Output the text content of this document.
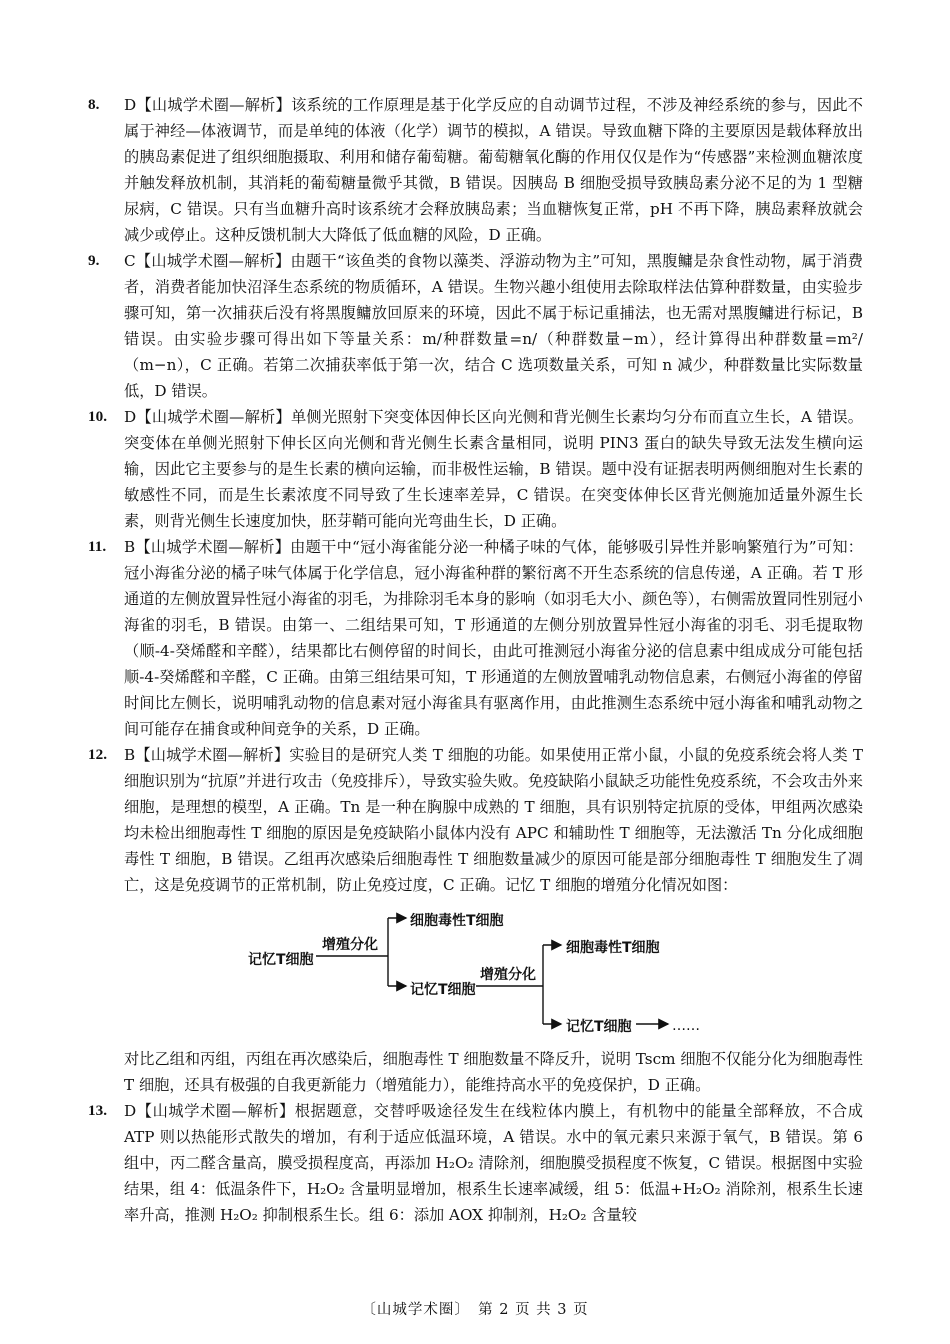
8. D【山城学术圈—解析】该系统的工作原理是基于化学反应的自动调节过程，不涉及神经系统的参与，因此不属于神经—体液调节，而是单纯的体液（化学）调节的模拟，A 错误。导致血糖下降的主要原因是载体释放出的胰岛素促进了组织细胞摄取、利用和储存葡萄糖。葡萄糖氧化酶的作用仅仅是作为“传感器”来检测血糖浓度并触发释放机制，其消耗的葡萄糖量微乎其微，B 错误。因胰岛 B 细胞受损导致胰岛素分泌不足的为 1 型糖尿病，C 错误。只有当血糖升高时该系统才会释放胰岛素；当血糖恢复正常，pH 不再下降，胰岛素释放就会减少或停止。这种反馈机制大大降低了低血糖的风险，D 正确。

9. C【山城学术圈—解析】由题干“该鱼类的食物以藻类、浮游动物为主”可知，黑腹鳙是杂食性动物，属于消费者，消费者能加快沼泽生态系统的物质循环，A 错误。生物兴趣小组使用去除取样法估算种群数量，由实验步骤可知，第一次捕获后没有将黑腹鳙放回原来的环境，因此不属于标记重捕法，也无需对黑腹鳙进行标记，B 错误。由实验步骤可得出如下等量关系：m/种群数量=n/（种群数量−m），经计算得出种群数量=m²/（m−n），C 正确。若第二次捕获率低于第一次，结合 C 选项数量关系，可知 n 减少，种群数量比实际数量低，D 错误。

10. D【山城学术圈—解析】单侧光照射下突变体因伸长区向光侧和背光侧生长素均匀分布而直立生长，A 错误。突变体在单侧光照射下伸长区向光侧和背光侧生长素含量相同，说明 PIN3 蛋白的缺失导致无法发生横向运输，因此它主要参与的是生长素的横向运输，而非极性运输，B 错误。题中没有证据表明两侧细胞对生长素的敏感性不同，而是生长素浓度不同导致了生长速率差异，C 错误。在突变体伸长区背光侧施加适量外源生长素，则背光侧生长速度加快，胚芽鞘可能向光弯曲生长，D 正确。

11. B【山城学术圈—解析】由题干中“冠小海雀能分泌一种橘子味的气体，能够吸引异性并影响繁殖行为”可知：冠小海雀分泌的橘子味气体属于化学信息，冠小海雀种群的繁衍离不开生态系统的信息传递，A 正确。若 T 形通道的左侧放置异性冠小海雀的羽毛，为排除羽毛本身的影响（如羽毛大小、颜色等），右侧需放置同性别冠小海雀的羽毛，B 错误。由第一、二组结果可知，T 形通道的左侧分别放置异性冠小海雀的羽毛、羽毛提取物（顺-4-癸烯醛和辛醛），结果都比右侧停留的时间长，由此可推测冠小海雀分泌的信息素中组成成分可能包括顺-4-癸烯醛和辛醛，C 正确。由第三组结果可知，T 形通道的左侧放置哺乳动物信息素，右侧冠小海雀的停留时间比左侧长，说明哺乳动物的信息素对冠小海雀具有驱离作用，由此推测生态系统中冠小海雀和哺乳动物之间可能存在捕食或种间竞争的关系，D 正确。

12. B【山城学术圈—解析】实验目的是研究人类 T 细胞的功能。如果使用正常小鼠，小鼠的免疫系统会将人类 T 细胞识别为“抗原”并进行攻击（免疫排斥），导致实验失败。免疫缺陷小鼠缺乏功能性免疫系统，不会攻击外来细胞，是理想的模型，A 正确。Tn 是一种在胸腺中成熟的 T 细胞，具有识别特定抗原的受体，甲组两次感染均未检出细胞毒性 T 细胞的原因是免疫缺陷小鼠体内没有 APC 和辅助性 T 细胞等，无法激活 Tn 分化成细胞毒性 T 细胞，B 错误。乙组再次感染后细胞毒性 T 细胞数量减少的原因可能是部分细胞毒性 T 细胞发生了凋亡，这是免疫调节的正常机制，防止免疫过度，C 正确。记忆 T 细胞的增殖分化情况如图：

记忆T细胞
增殖分化
细胞毒性T细胞
记忆T细胞
增殖分化
细胞毒性T细胞
记忆T细胞	……

对比乙组和丙组，丙组在再次感染后，细胞毒性 T 细胞数量不降反升，说明 Tscm 细胞不仅能分化为细胞毒性 T 细胞，还具有极强的自我更新能力（增殖能力），能维持高水平的免疫保护，D 正确。

13. D【山城学术圈—解析】根据题意，交替呼吸途径发生在线粒体内膜上，有机物中的能量全部释放，不合成 ATP 则以热能形式散失的增加，有利于适应低温环境，A 错误。水中的氧元素只来源于氧气，B 错误。第 6 组中，丙二醛含量高，膜受损程度高，再添加 H₂O₂ 清除剂，细胞膜受损程度不恢复，C 错误。根据图中实验结果，组 4：低温条件下，H₂O₂ 含量明显增加，根系生长速率减缓，组 5：低温+H₂O₂ 消除剂，根系生长速率升高，推测 H₂O₂ 抑制根系生长。组 6：添加 AOX 抑制剂，H₂O₂ 含量较

〔山城学术圈〕　第 2 页 共 3 页
